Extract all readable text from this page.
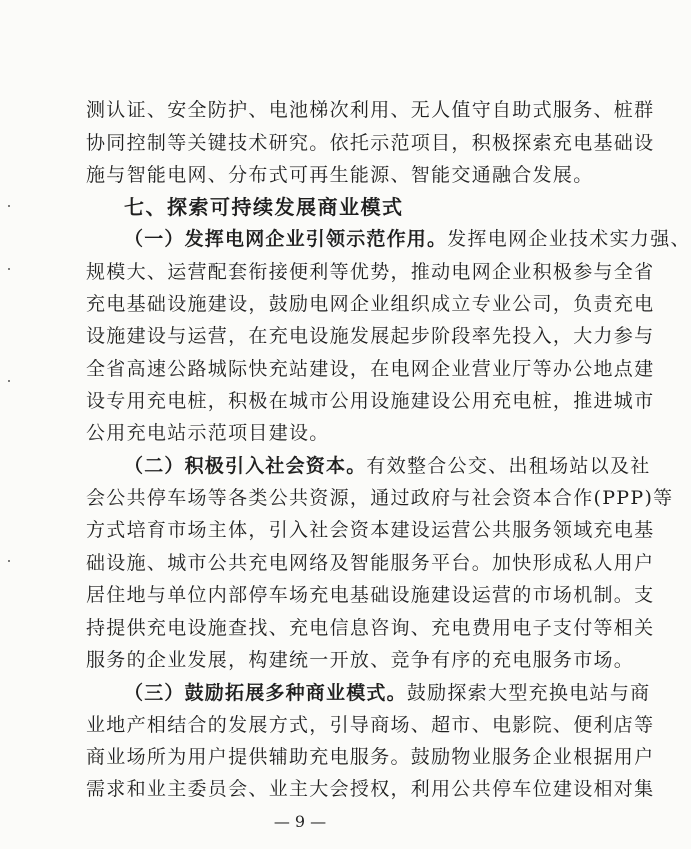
测认证、安全防护、电池梯次利用、无人值守自助式服务、桩群
协同控制等关键技术研究。依托示范项目，积极探索充电基础设
施与智能电网、分布式可再生能源、智能交通融合发展。
七、探索可持续发展商业模式
（一）发挥电网企业引领示范作用。发挥电网企业技术实力强、
规模大、运营配套衔接便利等优势，推动电网企业积极参与全省
充电基础设施建设，鼓励电网企业组织成立专业公司，负责充电
设施建设与运营，在充电设施发展起步阶段率先投入，大力参与
全省高速公路城际快充站建设，在电网企业营业厅等办公地点建
设专用充电桩，积极在城市公用设施建设公用充电桩，推进城市
公用充电站示范项目建设。
（二）积极引入社会资本。有效整合公交、出租场站以及社
会公共停车场等各类公共资源，通过政府与社会资本合作(PPP)等
方式培育市场主体，引入社会资本建设运营公共服务领域充电基
础设施、城市公共充电网络及智能服务平台。加快形成私人用户
居住地与单位内部停车场充电基础设施建设运营的市场机制。支
持提供充电设施查找、充电信息咨询、充电费用电子支付等相关
服务的企业发展，构建统一开放、竞争有序的充电服务市场。
（三）鼓励拓展多种商业模式。鼓励探索大型充换电站与商
业地产相结合的发展方式，引导商场、超市、电影院、便利店等
商业场所为用户提供辅助充电服务。鼓励物业服务企业根据用户
需求和业主委员会、业主大会授权，利用公共停车位建设相对集
— 9 —
